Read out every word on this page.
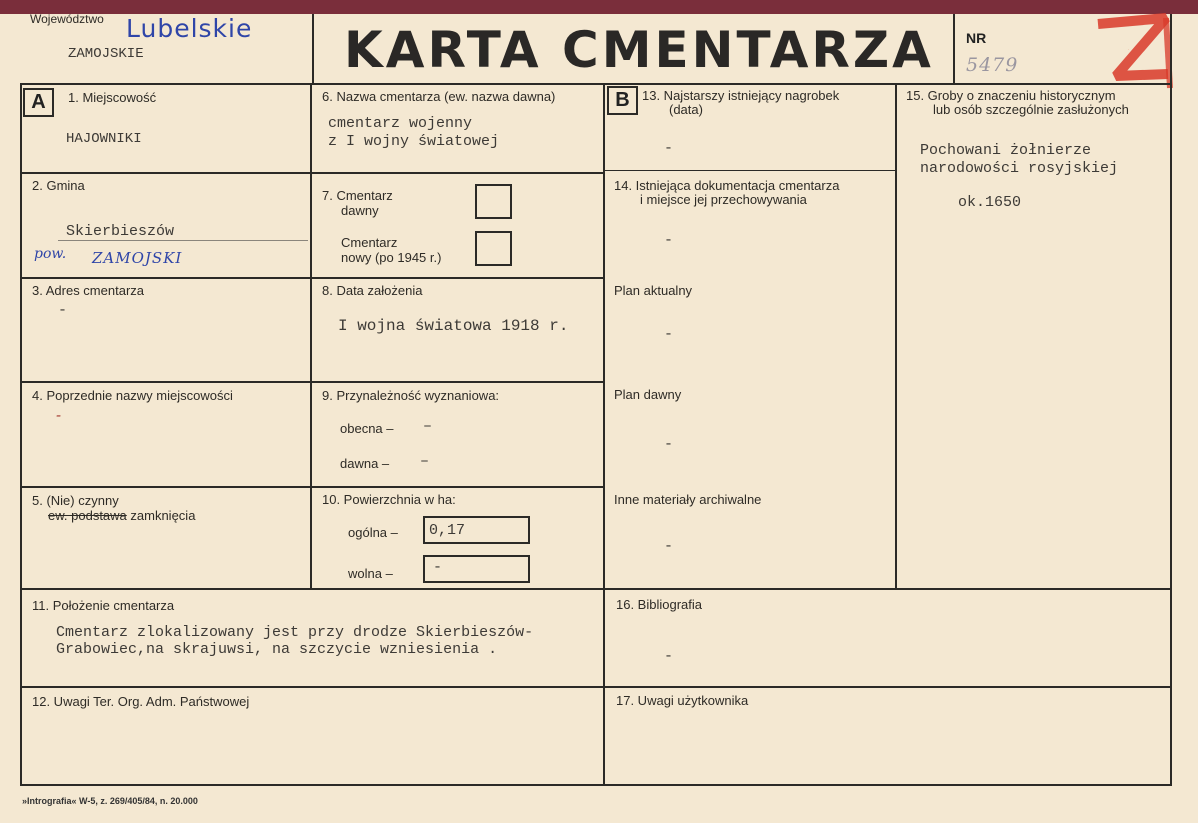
Województwo Lubelskie
ZAMOJSKIE	KARTA CMENTARZA NR
5479
Z
A	B
1. Miejscowość
HAJOWNIKI
2. Gmina
Skierbieszów
pow. ZAMOJSKI
3. Adres cmentarza
-
4. Poprzednie nazwy miejscowości
-
5. (Nie) czynny
ew. podstawa zamknięcia
6. Nazwa cmentarza (ew. nazwa dawna)
cmentarz wojenny
z I wojny światowej
7. Cmentarz
dawny
Cmentarz
nowy (po 1945 r.)
8. Data założenia
I wojna światowa 1918 r.
9. Przynależność wyznaniowa:
obecna – –
dawna – –
10. Powierzchnia w ha:
ogólna – 0,17
wolna –	-
11. Położenie cmentarza
Cmentarz zlokalizowany jest przy drodze Skierbieszów-
Grabowiec,na skrajuwsi, na szczycie wzniesienia .
12. Uwagi Ter. Org. Adm. Państwowej
13. Najstarszy istniejący nagrobek
(data)
-
14. Istniejąca dokumentacja cmentarza
i miejsce jej przechowywania
-
Plan aktualny
-
Plan dawny
-
Inne materiały archiwalne
-
15. Groby o znaczeniu historycznym
lub osób szczególnie zasłużonych
Pochowani żołnierze
narodowości rosyjskiej
ok.1650
16. Bibliografia
-
17. Uwagi użytkownika
»Intrografia« W-5, z. 269/405/84, n. 20.000
